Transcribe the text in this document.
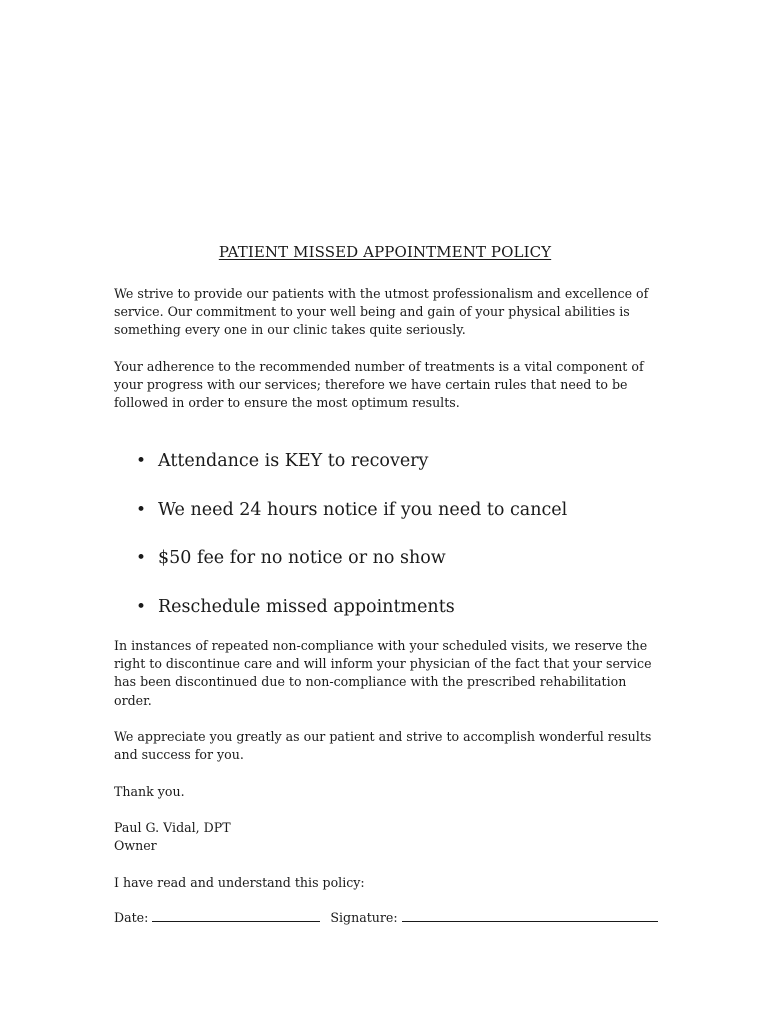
PATIENT MISSED APPOINTMENT POLICY

We strive to provide our patients with the utmost professionalism and excellence of service. Our commitment to your well being and gain of your physical abilities is something every one in our clinic takes quite seriously.

Your adherence to the recommended number of treatments is a vital component of your progress with our services; therefore we have certain rules that need to be followed in order to ensure the most optimum results.

• Attendance is KEY to recovery
• We need 24 hours notice if you need to cancel
• $50 fee for no notice or no show
• Reschedule missed appointments

In instances of repeated non-compliance with your scheduled visits, we reserve the right to discontinue care and will inform your physician of the fact that your service has been discontinued due to non-compliance with the prescribed rehabilitation order.

We appreciate you greatly as our patient and strive to accomplish wonderful results and success for you.

Thank you.

Paul G. Vidal, DPT
Owner

I have read and understand this policy:

Date:	Signature:
